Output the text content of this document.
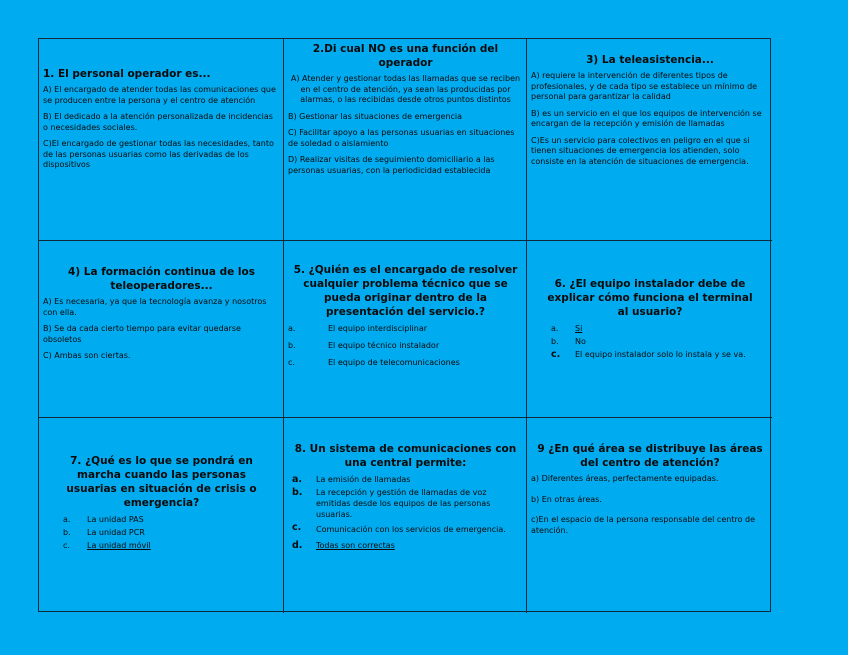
1. El personal operador es...
A) El encargado de atender todas las comunicaciones que se producen entre la persona y el centro de atención
B) El dedicado a la atención personalizada de incidencias o necesidades sociales.
C)El encargado de gestionar todas las necesidades, tanto de las personas usuarias como las derivadas de los dispositivos
2.Di cual NO es una función del operador
A) Atender y gestionar todas las llamadas que se reciben en el centro de atención, ya sean las producidas por alarmas, o las recibidas desde otros puntos distintos
B) Gestionar las situaciones de emergencia
C) Facilitar apoyo a las personas usuarias en situaciones de soledad o aislamiento
D) Realizar visitas de seguimiento domiciliario a las personas usuarias, con la periodicidad establecida
3) La teleasistencia...
A) requiere la intervención de diferentes tipos de profesionales, y de cada tipo se establece un mínimo de personal para garantizar la calidad
B) es un servicio en el que los equipos de intervención se encargan de la recepción y emisión de llamadas
C)Es un servicio para colectivos en peligro en el que si tienen situaciones de emergencia los atienden, solo consiste en la atención de situaciones de emergencia.
4) La formación continua de los teleoperadores...
A) Es necesaria, ya que la tecnología avanza y nosotros con ella.
B) Se da cada cierto tiempo para evitar quedarse obsoletos
C) Ambas son ciertas.
5. ¿Quién es el encargado de resolver cualquier problema técnico que se pueda originar dentro de la presentación del servicio.?
a.	El equipo interdisciplinar
b.	El equipo técnico instalador
c.	El equipo de telecomunicaciones
6. ¿El equipo instalador debe de explicar cómo funciona el terminal al usuario?
a.	Si
b.	No
c.	El equipo instalador solo lo instala y se va.
7. ¿Qué es lo que se pondrá en marcha cuando las personas usuarias en situación de crisis o emergencia?
a.	La unidad PAS
b.	La unidad PCR
c.	La unidad móvil
8. Un sistema de comunicaciones con una central permite:
a.	La emisión de llamadas
b.	La recepción y gestión de llamadas de voz emitidas desde los equipos de las personas usuarias.
c.	Comunicación con los servicios de emergencia.
d.	Todas son correctas
9 ¿En qué área se distribuye las áreas del centro de atención?
a) Diferentes áreas, perfectamente equipadas.
b) En otras áreas.
c)En el espacio de la persona responsable del centro de atención.
